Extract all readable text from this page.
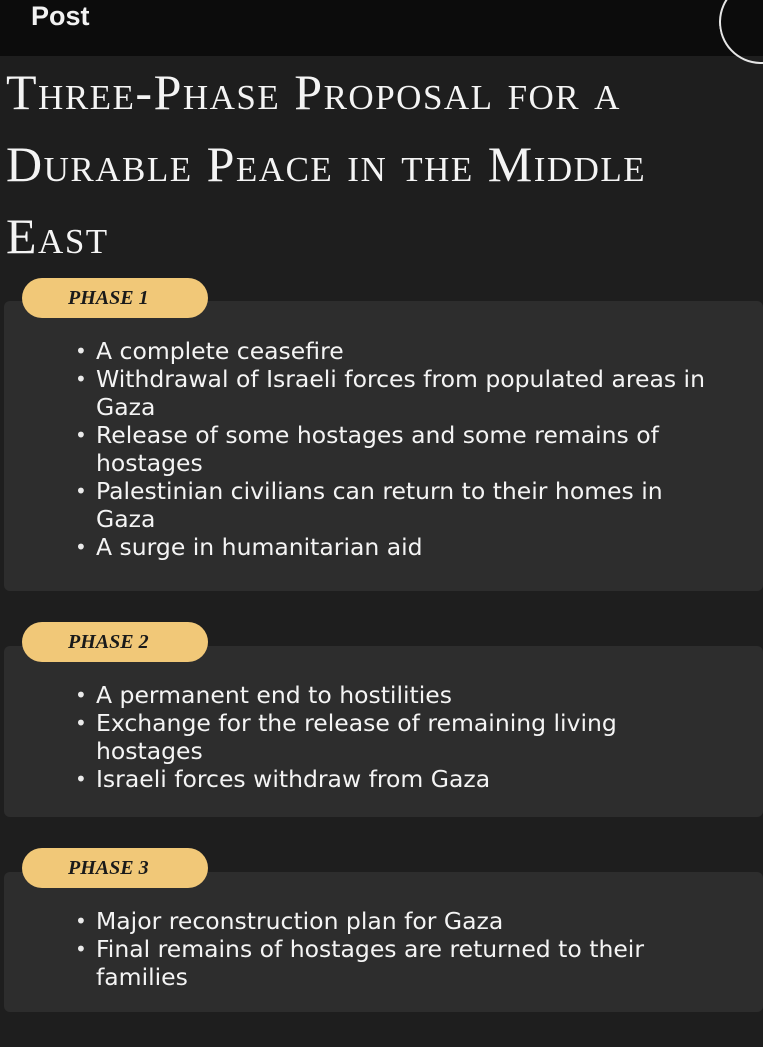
Post
Three-Phase Proposal for a Durable Peace in the Middle East
• A complete ceasefire
• Withdrawal of Israeli forces from populated areas in Gaza
• Release of some hostages and some remains of hostages
• Palestinian civilians can return to their homes in Gaza
• A surge in humanitarian aid
PHASE 1
• A permanent end to hostilities
• Exchange for the release of remaining living hostages
• Israeli forces withdraw from Gaza
PHASE 2
• Major reconstruction plan for Gaza
• Final remains of hostages are returned to their families
PHASE 3
